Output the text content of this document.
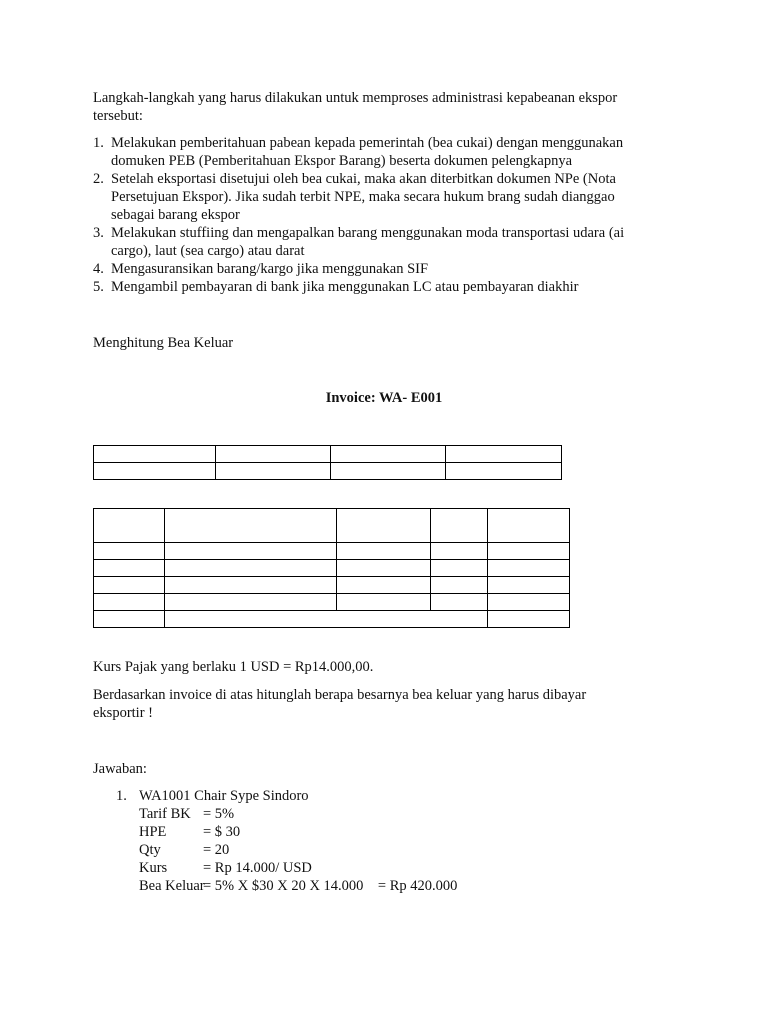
Langkah-langkah yang harus dilakukan untuk memproses administrasi kepabeanan ekspor
tersebut:
1. Melakukan pemberitahuan pabean kepada pemerintah (bea cukai) dengan menggunakan
domuken PEB (Pemberitahuan Ekspor Barang) beserta dokumen pelengkapnya
2. Setelah eksportasi disetujui oleh bea cukai, maka akan diterbitkan dokumen NPe (Nota
Persetujuan Ekspor). Jika sudah terbit NPE, maka secara hukum brang sudah dianggao
sebagai barang ekspor
3. Melakukan stuffiing dan mengapalkan barang menggunakan moda transportasi udara (ai
cargo), laut (sea cargo) atau darat
4. Mengasuransikan barang/kargo jika menggunakan SIF
5. Mengambil pembayaran di bank jika menggunakan LC atau pembayaran diakhir
Menghitung Bea Keluar
Invoice: WA- E001

Kurs Pajak yang berlaku 1 USD = Rp14.000,00.
Berdasarkan invoice di atas hitunglah berapa besarnya bea keluar yang harus dibayar
eksportir !
Jawaban:
1. WA1001 Chair Sype Sindoro
Tarif BK = 5%
HPE	= $ 30
Qty	= 20
Kurs = Rp 14.000/ USD
Bea Keluar= 5% X $30 X 20 X 14.000    = Rp 420.000
